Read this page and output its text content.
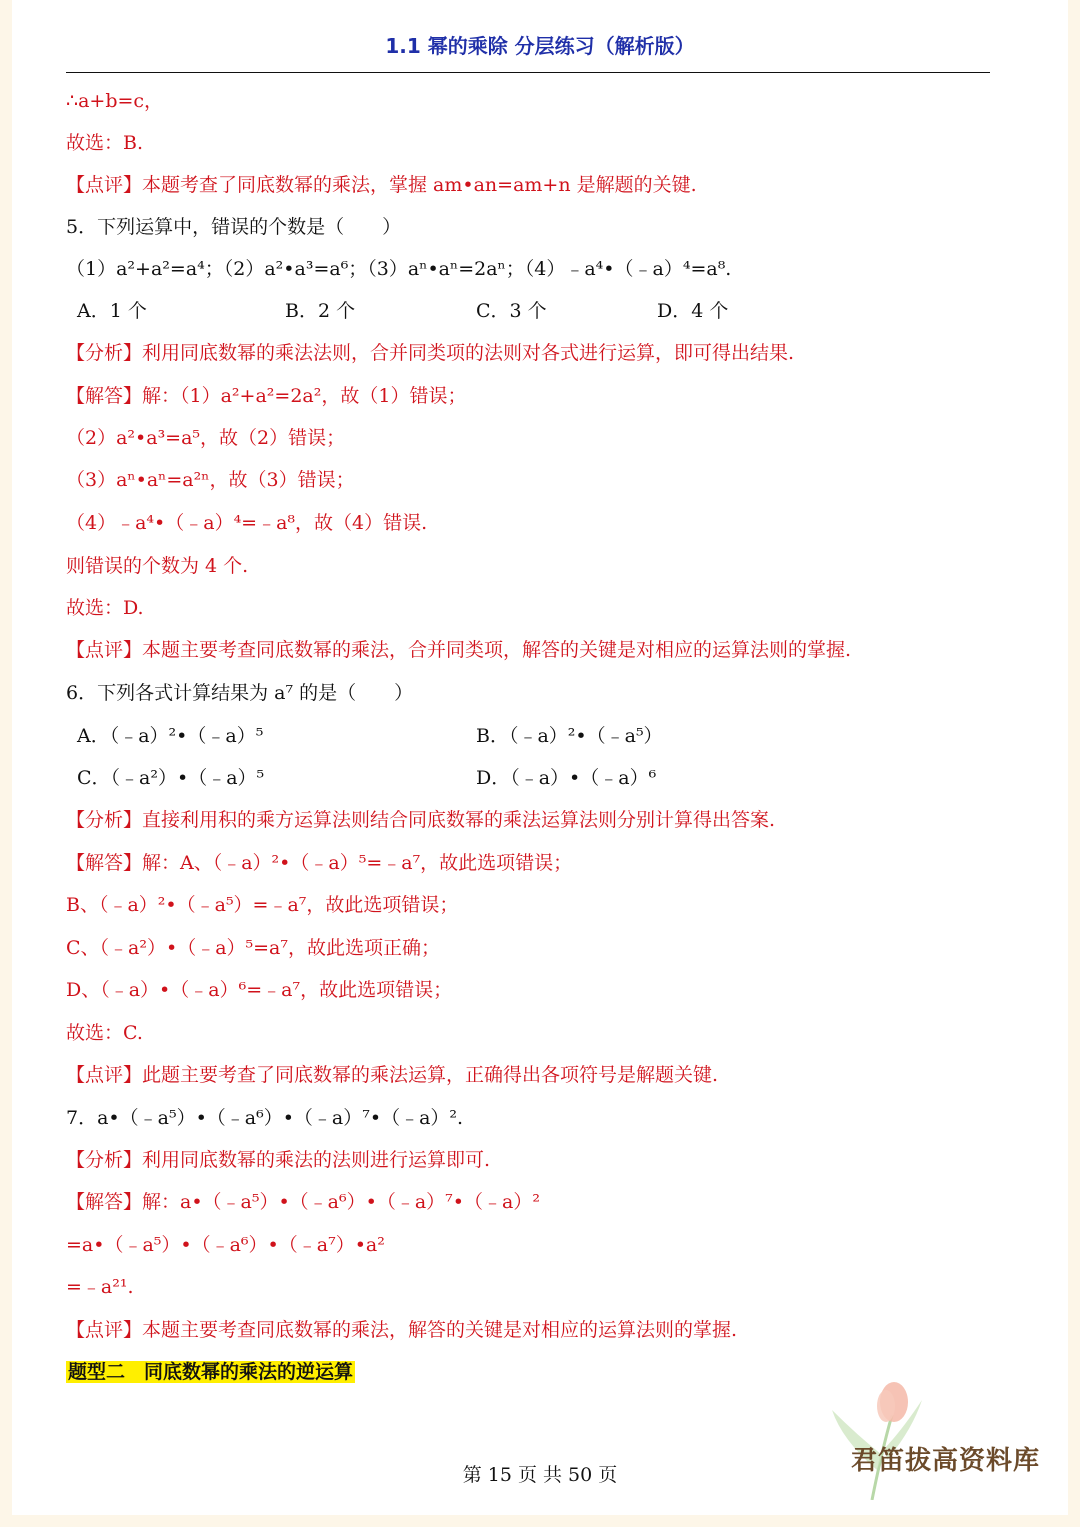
1.1 幂的乘除 分层练习（解析版）
∴a+b=c，
故选：B.
【点评】本题考查了同底数幂的乘法，掌握 am•an=am+n 是解题的关键.
5．下列运算中，错误的个数是（　　）
（1）a²+a²=a⁴；（2）a²•a³=a⁶；（3）aⁿ•aⁿ=2aⁿ；（4）﹣a⁴•（﹣a）⁴=a⁸.
A．1 个	B．2 个	C．3 个	D．4 个
【分析】利用同底数幂的乘法法则，合并同类项的法则对各式进行运算，即可得出结果.
【解答】解：（1）a²+a²=2a²，故（1）错误；
（2）a²•a³=a⁵，故（2）错误；
（3）aⁿ•aⁿ=a²ⁿ，故（3）错误；
（4）﹣a⁴•（﹣a）⁴=﹣a⁸，故（4）错误.
则错误的个数为 4 个.
故选：D.
【点评】本题主要考查同底数幂的乘法，合并同类项，解答的关键是对相应的运算法则的掌握.
6．下列各式计算结果为 a⁷ 的是（　　）
A．（﹣a）²•（﹣a）⁵	B．（﹣a）²•（﹣a⁵）
C．（﹣a²）•（﹣a）⁵	D．（﹣a）•（﹣a）⁶
【分析】直接利用积的乘方运算法则结合同底数幂的乘法运算法则分别计算得出答案.
【解答】解：A、（﹣a）²•（﹣a）⁵=﹣a⁷，故此选项错误；
B、（﹣a）²•（﹣a⁵）=﹣a⁷，故此选项错误；
C、（﹣a²）•（﹣a）⁵=a⁷，故此选项正确；
D、（﹣a）•（﹣a）⁶=﹣a⁷，故此选项错误；
故选：C.
【点评】此题主要考查了同底数幂的乘法运算，正确得出各项符号是解题关键.
7．a•（﹣a⁵）•（﹣a⁶）•（﹣a）⁷•（﹣a）².
【分析】利用同底数幂的乘法的法则进行运算即可.
【解答】解：a•（﹣a⁵）•（﹣a⁶）•（﹣a）⁷•（﹣a）²
=a•（﹣a⁵）•（﹣a⁶）•（﹣a⁷）•a²
=﹣a²¹.
【点评】本题主要考查同底数幂的乘法，解答的关键是对相应的运算法则的掌握.
题型二　同底数幂的乘法的逆运算
君笛拔高资料库
第 15 页 共 50 页
